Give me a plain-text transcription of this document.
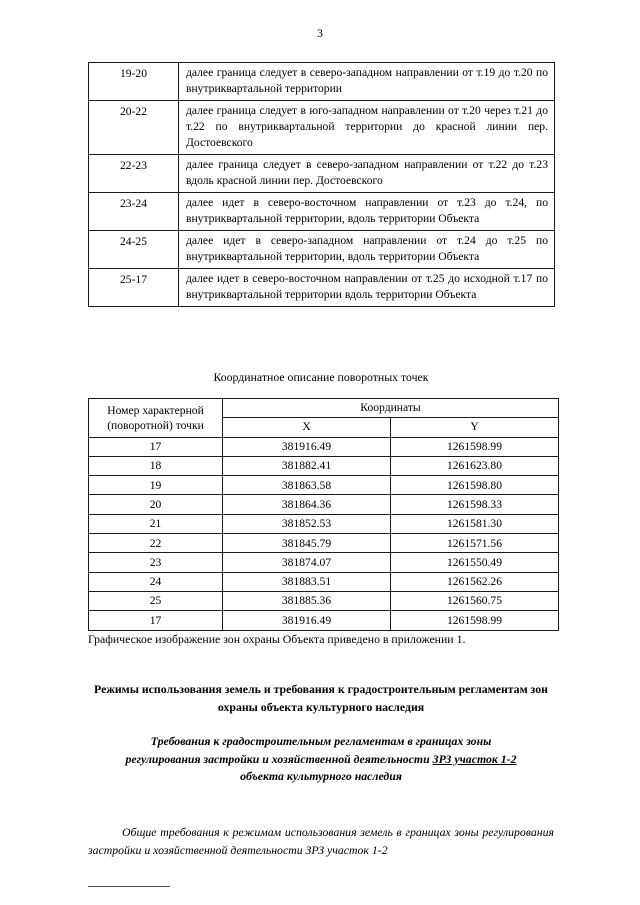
3
19-20	далее граница следует в северо-западном направлении от т.19 до т.20 по внутриквартальной территории
20-22	далее граница следует в юго-западном направлении от т.20 через т.21 до т.22 по внутриквартальной территории до красной линии пер. Достоевского
22-23	далее граница следует в северо-западном направлении от т.22 до т.23 вдоль красной линии пер. Достоевского
23-24	далее идет в северо-восточном направлении от т.23 до т.24, по внутриквартальной территории, вдоль территории Объекта
24-25	далее идет в северо-западном направлении от т.24 до т.25 по внутриквартальной территории, вдоль территории Объекта
25-17	далее идет в северо-восточном направлении от т.25 до исходной т.17 по внутриквартальной территории вдоль территории Объекта
Координатное описание поворотных точек
Номер характерной (поворотной) точки	Координаты	
	X	Y
17	381916.49	1261598.99
18	381882.41	1261623.80
19	381863.58	1261598.80
20	381864.36	1261598.33
21	381852.53	1261581.30
22	381845.79	1261571.56
23	381874.07	1261550.49
24	381883.51	1261562.26
25	381885.36	1261560.75
17	381916.49	1261598.99
Графическое изображение зон охраны Объекта приведено в приложении 1.
Режимы использования земель и требования к градостроительным регламентам зон охраны объекта культурного наследия
Требования к градостроительным регламентам в границах зоны
регулирования застройки и хозяйственной деятельности ЗРЗ участок 1-2
объекта культурного наследия
Общие требования к режимам использования земель в границах зоны регулирования застройки и хозяйственной деятельности ЗРЗ участок 1-2
